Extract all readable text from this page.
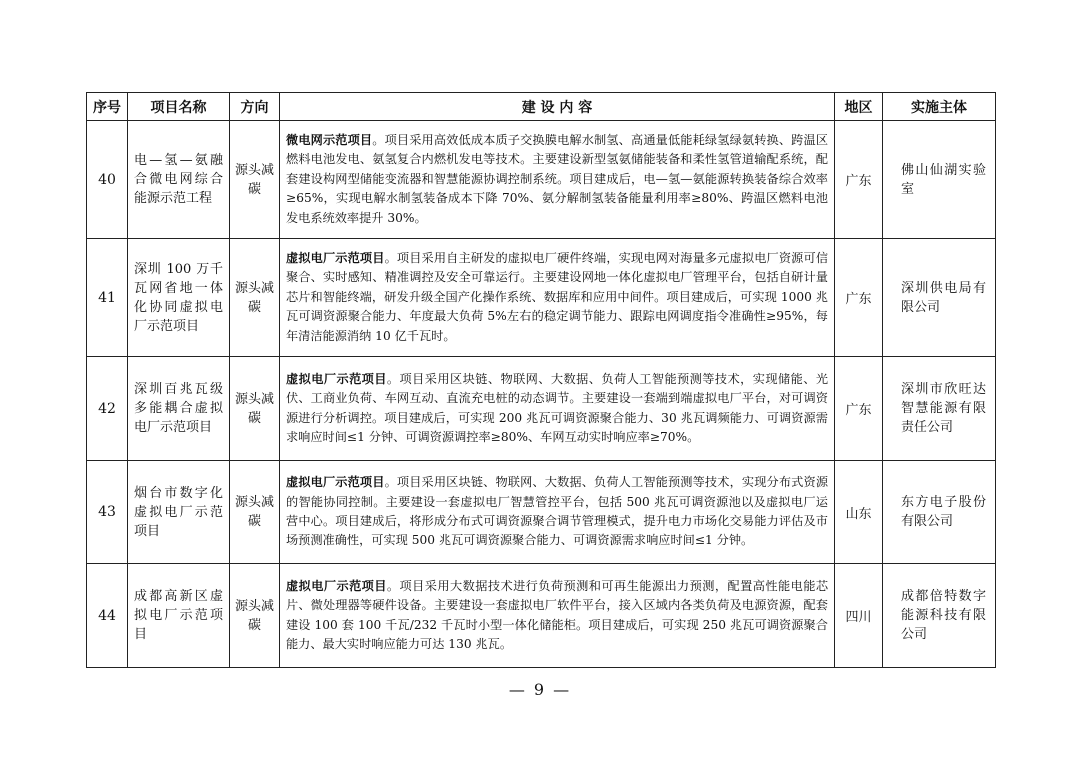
序号	项目名称	方向	建 设 内 容	地区	实施主体
40	电—氢—氨融合微电网综合能源示范工程	源头减碳	微电网示范项目。项目采用高效低成本质子交换膜电解水制氢、高通量低能耗绿氢绿氨转换、跨温区燃料电池发电、氨氢复合内燃机发电等技术。主要建设新型氢氨储能装备和柔性氢管道输配系统，配套建设构网型储能变流器和智慧能源协调控制系统。项目建成后，电—氢—氨能源转换装备综合效率≥65%，实现电解水制氢装备成本下降 70%、氨分解制氢装备能量利用率≥80%、跨温区燃料电池发电系统效率提升 30%。	广东	佛山仙湖实验室
41	深圳 100 万千瓦网省地一体化协同虚拟电厂示范项目	源头减碳	虚拟电厂示范项目。项目采用自主研发的虚拟电厂硬件终端，实现电网对海量多元虚拟电厂资源可信聚合、实时感知、精准调控及安全可靠运行。主要建设网地一体化虚拟电厂管理平台，包括自研计量芯片和智能终端，研发升级全国产化操作系统、数据库和应用中间件。项目建成后，可实现 1000 兆瓦可调资源聚合能力、年度最大负荷 5%左右的稳定调节能力、跟踪电网调度指令准确性≥95%，每年清洁能源消纳 10 亿千瓦时。	广东	深圳供电局有限公司
42	深圳百兆瓦级多能耦合虚拟电厂示范项目	源头减碳	虚拟电厂示范项目。项目采用区块链、物联网、大数据、负荷人工智能预测等技术，实现储能、光伏、工商业负荷、车网互动、直流充电桩的动态调节。主要建设一套端到端虚拟电厂平台，对可调资源进行分析调控。项目建成后，可实现 200 兆瓦可调资源聚合能力、30 兆瓦调频能力、可调资源需求响应时间≤1 分钟、可调资源调控率≥80%、车网互动实时响应率≥70%。	广东	深圳市欣旺达智慧能源有限责任公司
43	烟台市数字化虚拟电厂示范项目	源头减碳	虚拟电厂示范项目。项目采用区块链、物联网、大数据、负荷人工智能预测等技术，实现分布式资源的智能协同控制。主要建设一套虚拟电厂智慧管控平台，包括 500 兆瓦可调资源池以及虚拟电厂运营中心。项目建成后，将形成分布式可调资源聚合调节管理模式，提升电力市场化交易能力评估及市场预测准确性，可实现 500 兆瓦可调资源聚合能力、可调资源需求响应时间≤1 分钟。	山东	东方电子股份有限公司
44	成都高新区虚拟电厂示范项目	源头减碳	虚拟电厂示范项目。项目采用大数据技术进行负荷预测和可再生能源出力预测，配置高性能电能芯片、微处理器等硬件设备。主要建设一套虚拟电厂软件平台，接入区域内各类负荷及电源资源，配套建设 100 套 100 千瓦/232 千瓦时小型一体化储能柜。项目建成后，可实现 250 兆瓦可调资源聚合能力、最大实时响应能力可达 130 兆瓦。	四川	成都倍特数字能源科技有限公司
— 9 —
